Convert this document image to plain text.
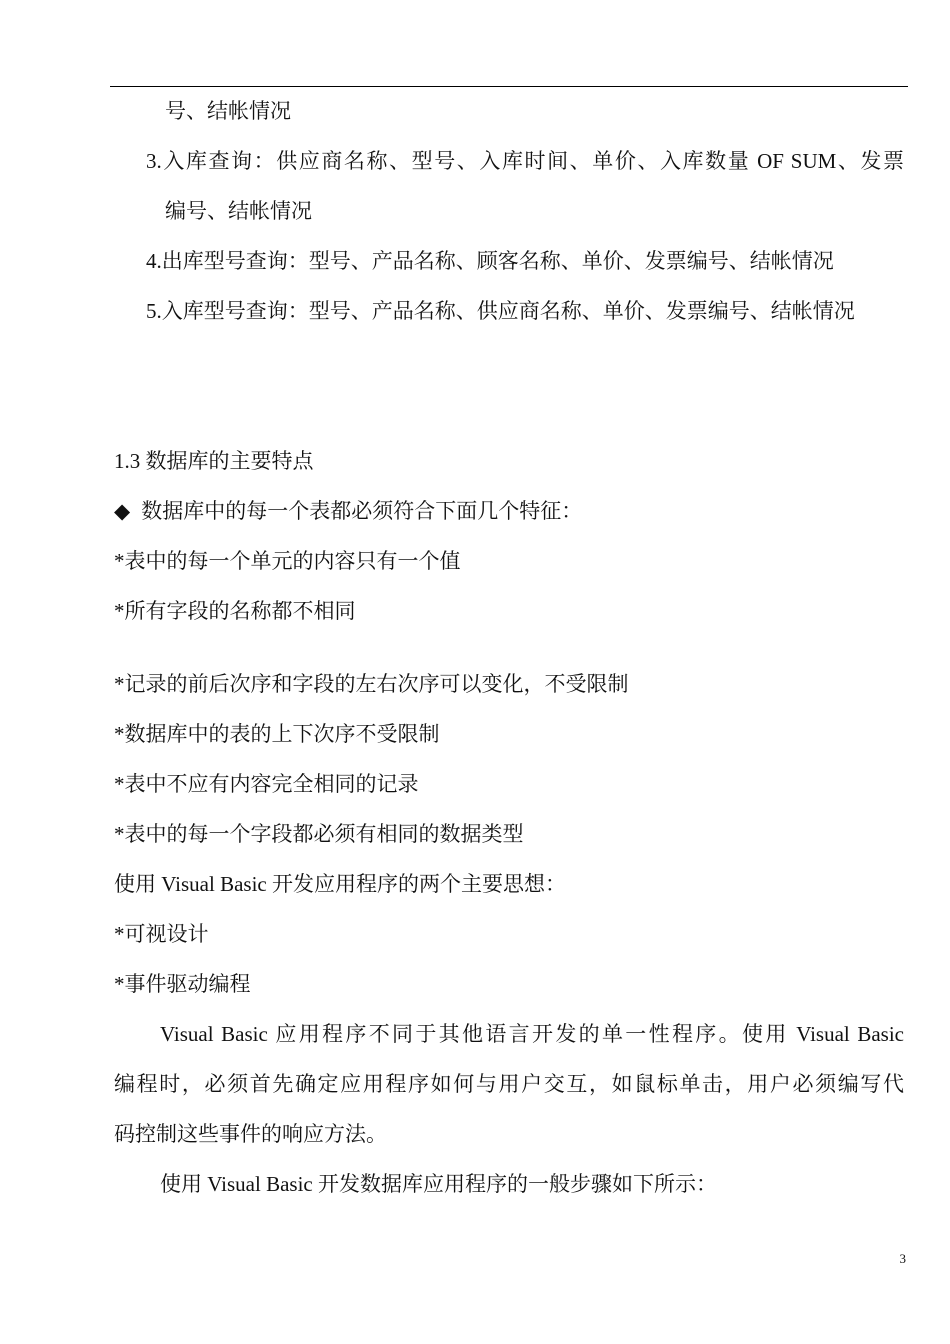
号、结帐情况
3.入库查询：供应商名称、型号、入库时间、单价、入库数量 OF SUM、发票
编号、结帐情况
4.出库型号查询：型号、产品名称、顾客名称、单价、发票编号、结帐情况
5.入库型号查询：型号、产品名称、供应商名称、单价、发票编号、结帐情况
1.3 数据库的主要特点
◆ 数据库中的每一个表都必须符合下面几个特征：
*表中的每一个单元的内容只有一个值
*所有字段的名称都不相同
*记录的前后次序和字段的左右次序可以变化，不受限制
*数据库中的表的上下次序不受限制
*表中不应有内容完全相同的记录
*表中的每一个字段都必须有相同的数据类型
使用 Visual Basic 开发应用程序的两个主要思想：
*可视设计
*事件驱动编程
Visual Basic 应用程序不同于其他语言开发的单一性程序。使用 Visual Basic
编程时，必须首先确定应用程序如何与用户交互，如鼠标单击，用户必须编写代
码控制这些事件的响应方法。
使用 Visual Basic 开发数据库应用程序的一般步骤如下所示：
3
